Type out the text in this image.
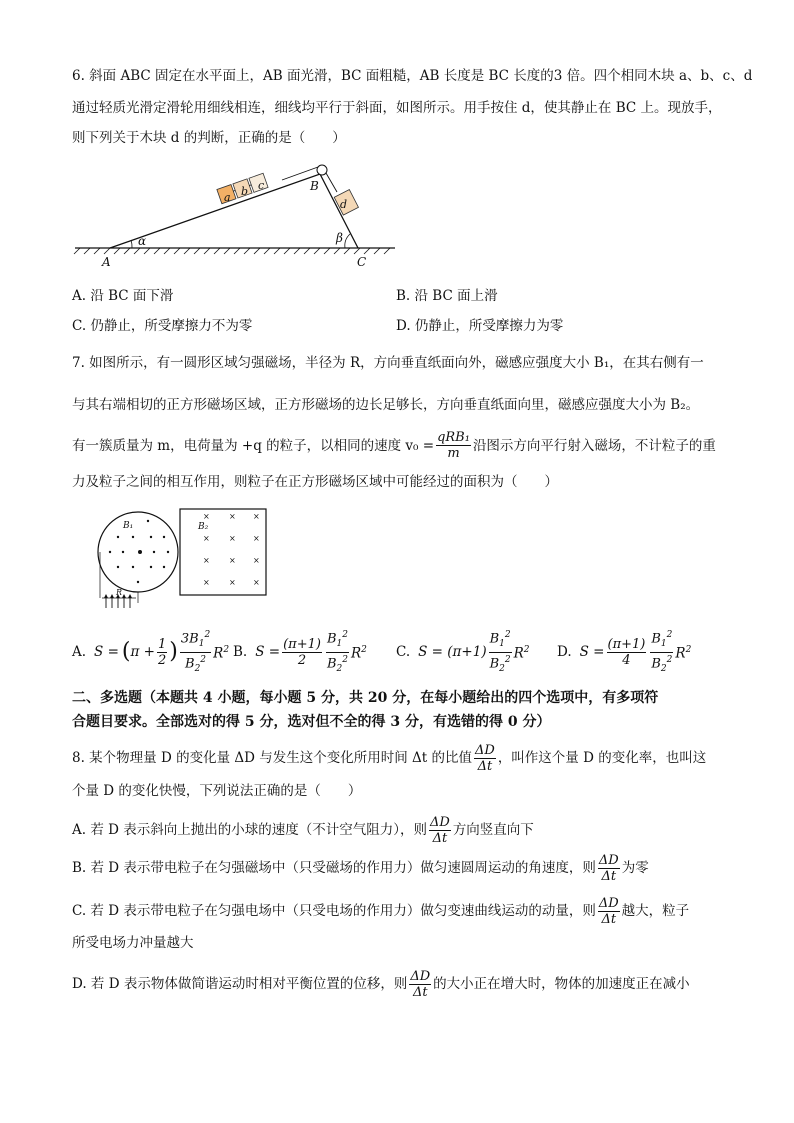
6. 斜面 ABC 固定在水平面上，AB 面光滑，BC 面粗糙，AB 长度是 BC 长度的3 倍。四个相同木块 a、b、c、d
通过轻质光滑定滑轮用细线相连，细线均平行于斜面，如图所示。用手按住 d，使其静止在 BC 上。现放手，
则下列关于木块 d 的判断，正确的是（　　）
a b c
d
A
B
C
α	β
A. 沿 BC 面下滑	B. 沿 BC 面上滑
C. 仍静止，所受摩擦力不为零	D. 仍静止，所受摩擦力为零
7. 如图所示，有一圆形区域匀强磁场，半径为 R，方向垂直纸面向外，磁感应强度大小 B₁，在其右侧有一
与其右端相切的正方形磁场区域，正方形磁场的边长足够长，方向垂直纸面向里，磁感应强度大小为 B₂。
有一簇质量为 m，电荷量为 +q 的粒子，以相同的速度 $v_0 = \frac{\text{qRB₁}}{m}$ 沿图示方向平行射入磁场，不计粒子的重
力及粒子之间的相互作用，则粒子在正方形磁场区域中可能经过的面积为（　　）
B₁	B₂
× × ×
× × ×
× × ×
× × ×
R
A. S = ( $\pi + \frac{1}{2}$ ) $\frac{3B_1^2}{B_2^2} R^2$ B. $S = \frac{(\pi+1)}{2} \frac{B_1^2}{B_2^2} R^2$ C. $S = (\pi+1) \frac{B_1^2}{B_2^2} R^2$ D. $S = \frac{(\pi+1)}{4} \frac{B_1^2}{B_2^2} R^2$
二、多选题（本题共 4 小题，每小题 5 分，共 20 分，在每小题给出的四个选项中，有多项符
合题目要求。全部选对的得 5 分，选对但不全的得 3 分，有选错的得 0 分）
8. 某个物理量 D 的变化量 ΔD 与发生这个变化所用时间 Δt 的比值 $\frac{\Delta D}{\Delta t}$ ，叫作这个量 D 的变化率，也叫这
个量 D 的变化快慢，下列说法正确的是（　　）
A. 若 D 表示斜向上抛出的小球的速度（不计空气阻力），则 $\frac{\Delta D}{\Delta t}$ 方向竖直向下
B. 若 D 表示带电粒子在匀强磁场中（只受磁场的作用力）做匀速圆周运动的角速度，则 $\frac{\Delta D}{\Delta t}$ 为零
C. 若 D 表示带电粒子在匀强电场中（只受电场的作用力）做匀变速曲线运动的动量，则 $\frac{\Delta D}{\Delta t}$ 越大，粒子
所受电场力冲量越大
D. 若 D 表示物体做简谐运动时相对平衡位置的位移，则 $\frac{\Delta D}{\Delta t}$ 的大小正在增大时，物体的加速度正在减小
